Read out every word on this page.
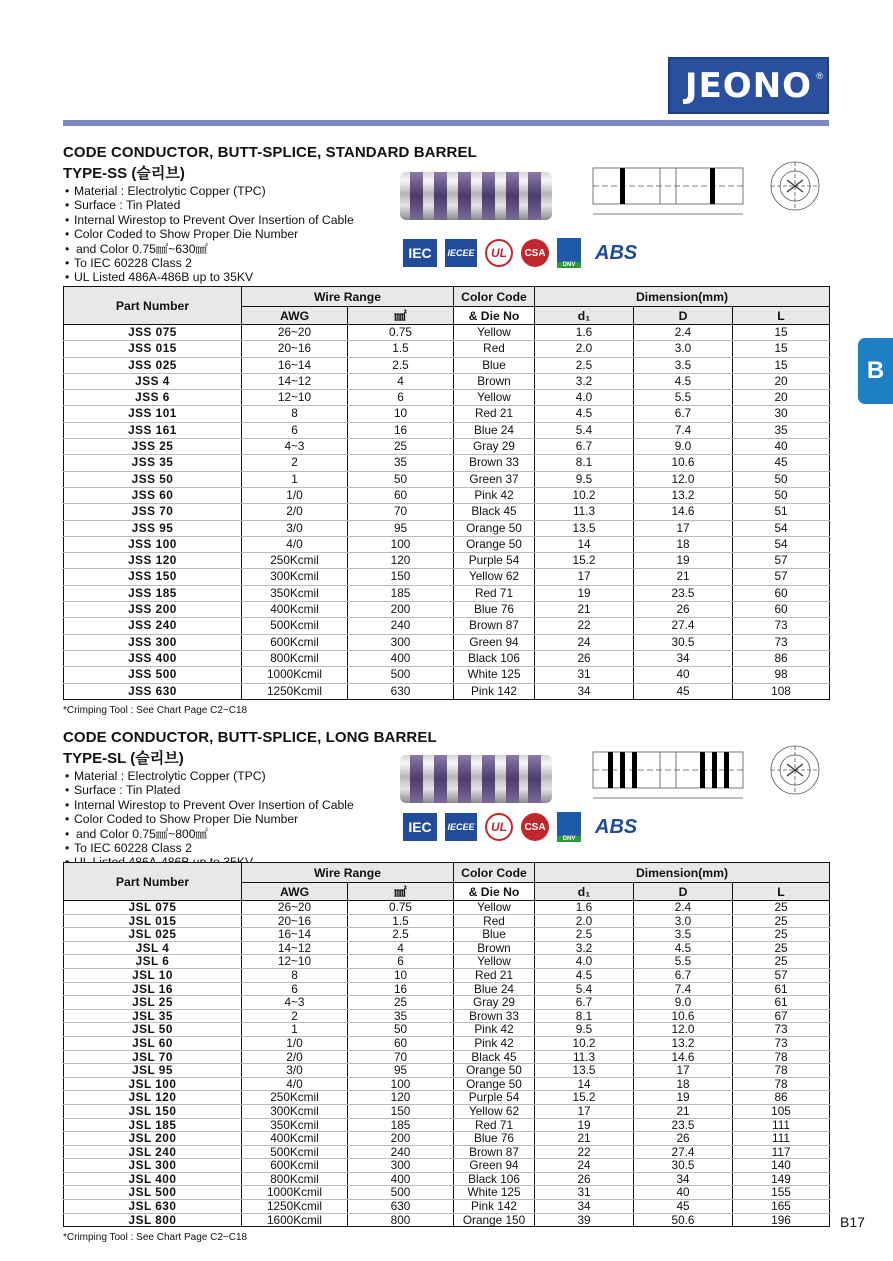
JEONO ®
B
CODE CONDUCTOR, BUTT-SPLICE, STANDARD BARREL
TYPE-SS (슬리브)
• Material : Electrolytic Copper (TPC)
• Surface : Tin Plated
• Internal Wirestop to Prevent Over Insertion of Cable
• Color Coded to Show Proper Die Number
• and Color 0.75㎟~630㎟
• To IEC 60228 Class 2
• UL Listed 486A-486B up to 35KV
IEC	IECEE	UL	CSA
DNV
ABS
Part Number	Wire Range		Color Code	Dimension(mm)		
	AWG	㎟	& Die No	d₁	D	L
JSS 075	26~20	0.75	Yellow	1.6	2.4	15
JSS 015	20~16	1.5	Red	2.0	3.0	15
JSS 025	16~14	2.5	Blue	2.5	3.5	15
JSS 4	14~12	4	Brown	3.2	4.5	20
JSS 6	12~10	6	Yellow	4.0	5.5	20
JSS 101	8	10	Red 21	4.5	6.7	30
JSS 161	6	16	Blue 24	5.4	7.4	35
JSS 25	4~3	25	Gray 29	6.7	9.0	40
JSS 35	2	35	Brown 33	8.1	10.6	45
JSS 50	1	50	Green 37	9.5	12.0	50
JSS 60	1/0	60	Pink 42	10.2	13.2	50
JSS 70	2/0	70	Black 45	11.3	14.6	51
JSS 95	3/0	95	Orange 50	13.5	17	54
JSS 100	4/0	100	Orange 50	14	18	54
JSS 120	250Kcmil	120	Purple 54	15.2	19	57
JSS 150	300Kcmil	150	Yellow 62	17	21	57
JSS 185	350Kcmil	185	Red 71	19	23.5	60
JSS 200	400Kcmil	200	Blue 76	21	26	60
JSS 240	500Kcmil	240	Brown 87	22	27.4	73
JSS 300	600Kcmil	300	Green 94	24	30.5	73
JSS 400	800Kcmil	400	Black 106	26	34	86
JSS 500	1000Kcmil	500	White 125	31	40	98
JSS 630	1250Kcmil	630	Pink 142	34	45	108
*Crimping Tool : See Chart Page C2~C18
CODE CONDUCTOR, BUTT-SPLICE, LONG BARREL
TYPE-SL (슬리브)
• Material : Electrolytic Copper (TPC)
• Surface : Tin Plated
• Internal Wirestop to Prevent Over Insertion of Cable
• Color Coded to Show Proper Die Number
• and Color 0.75㎟~800㎟
• To IEC 60228 Class 2
•
IEC	IECEE	UL	CSA
DNV
ABS
Part Number	Wire Range		Color Code	Dimension(mm)		
	AWG	㎟	& Die No	d₁	D	L
JSL 075	26~20	0.75	Yellow	1.6	2.4	25
JSL 015	20~16	1.5	Red	2.0	3.0	25
JSL 025	16~14	2.5	Blue	2.5	3.5	25
JSL 4	14~12	4	Brown	3.2	4.5	25
JSL 6	12~10	6	Yellow	4.0	5.5	25
JSL 10	8	10	Red 21	4.5	6.7	57
JSL 16	6	16	Blue 24	5.4	7.4	61
JSL 25	4~3	25	Gray 29	6.7	9.0	61
JSL 35	2	35	Brown 33	8.1	10.6	67
JSL 50	1	50	Pink 42	9.5	12.0	73
JSL 60	1/0	60	Pink 42	10.2	13.2	73
JSL 70	2/0	70	Black 45	11.3	14.6	78
JSL 95	3/0	95	Orange 50	13.5	17	78
JSL 100	4/0	100	Orange 50	14	18	78
JSL 120	250Kcmil	120	Purple 54	15.2	19	86
JSL 150	300Kcmil	150	Yellow 62	17	21	105
JSL 185	350Kcmil	185	Red 71	19	23.5	111
JSL 200	400Kcmil	200	Blue 76	21	26	111
JSL 240	500Kcmil	240	Brown 87	22	27.4	117
JSL 300	600Kcmil	300	Green 94	24	30.5	140
JSL 400	800Kcmil	400	Black 106	26	34	149
JSL 500	1000Kcmil	500	White 125	31	40	155
JSL 630	1250Kcmil	630	Pink 142	34	45	165
JSL 800	1600Kcmil	800	Orange 150	39	50.6	196
*Crimping Tool : See Chart Page C2~C18
B17
